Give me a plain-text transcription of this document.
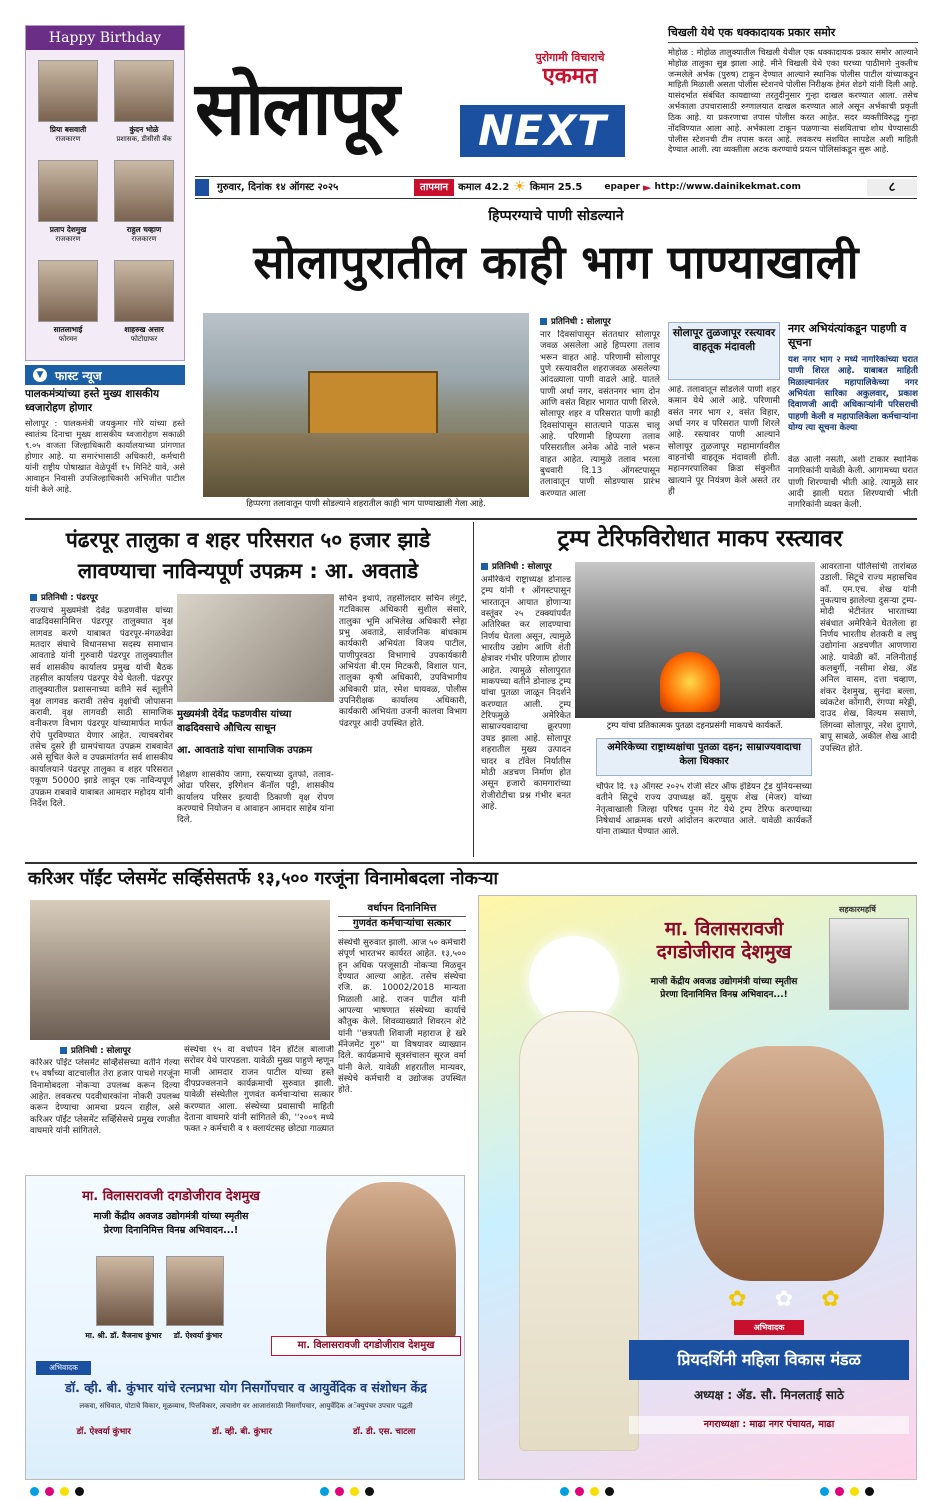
Happy Birthday
प्रिया बसवाती
राजकारण
कुंदन भोळे
प्रशासक, डीसीसी बँक
प्रताप देशमुख
राजकारण
राहुल चव्हाण
राजकारण
सातलाभाई
फोरमन
शाहरुख अत्तार
फोटोग्राफर
▼ फास्ट न्यूज
पालकमंत्र्यांच्या हस्ते मुख्य शासकीय ध्वजारोहण होणार
सोलापूर : पालकमंत्री जयकुमार गोरे यांच्या हस्ते स्वातंत्र्य दिनाचा मुख्य शासकीय ध्वजारोहण सकाळी ९.०५ वाजता जिल्हाधिकारी कार्यालयाच्या प्रांगणात होणार आहे. या समारंभासाठी अधिकारी, कर्मचारी यांनी राष्ट्रीय पोषाखात वेळेपूर्वी १५ मिनिटे यावे, असे आवाहन निवासी उपजिल्हाधिकारी अभिजीत पाटील यांनी केले आहे.
सोलापूर
पुरोगामी विचाराचे
एकमत
NEXT
चिखली येथे एक धक्कादायक प्रकार समोर
मोहोळ : मोहोळ तालुक्यातील चिखली येथील एक धक्कादायक प्रकार समोर आल्याने मोहोळ तालुका सुन्न झाला आहे. मीने चिखली येथे एका घरच्या पाठीमागे नुकतीच जन्मलेले अर्भक (पुरुष) टाकून देण्यात आल्याने स्थानिक पोलीस पाटील यांच्याकडून माहिती मिळाली असता पोलीस स्टेशनचे पोलीस निरीक्षक हेमंत शेडगे यांनी दिली आहे. यासंदर्भात संबंधित कायद्याच्या तरतुदीनुसार गुन्हा दाखल करण्यात आला. तसेच अर्भकाला उपचारासाठी रुग्णालयात दाखल करण्यात आले असून अर्भकाची प्रकृती ठिक आहे. या प्रकरणाचा तपास पोलीस करत आहेत. सदर व्यक्तीविरुद्ध गुन्हा नोंदविण्यात आला आहे. अर्भकाला टाकून पळणाऱ्या संशयिताचा शोध घेण्यासाठी पोलीस स्टेशनची टीम तपास करत आहे. लवकरच संशयित सापडेल अशी माहिती देण्यात आली. त्या व्यक्तीला अटक करण्याचे प्रयत्न पोलिसांकडून सुरू आहे.
गुरुवार, दिनांक १४ ऑगस्ट २०२५	तापमान	कमाल 42.2 ☀ किमान 25.5	epaper ► http://www.dainikekmat.com	८
हिप्परग्याचे पाणी सोडल्याने
सोलापुरातील काही भाग पाण्याखाली
हिप्परगा तलावातून पाणी सोडल्याने शहरातील काही भाग पाण्याखाली गेला आहे.
प्रतिनिधी : सोलापूर
नार दिवसांपासून संततधार सोलापूर जवळ असलेला आहे हिप्परगा तलाव भरून वाहत आहे. परिणामी सोलापूर पुणे रस्त्यावरील शहराजवळ असलेल्या आंदळ्याला पाणी वाढले आहे. यातले पाणी अर्धा नगर, वसंतनगर भाग दोन आणि वसंत विहार भागात पाणी शिरले. सोलापूर शहर व परिसरात पाणी काही दिवसांपासून सातत्याने पाऊस चालू आहे. परिणामी हिप्परगा तलाव परिसरातील अनेक ओढे नाले भरून वाहत आहेत. त्यामुळे तलाव भरला बुधवारी दि.13 ऑगस्टपासून तलावातून पाणी सोडण्यास प्रारंभ करण्यात आला
सोलापूर तुळजापूर रस्त्यावर वाहतूक मंदावली
आहे. तलावातून सोडलेले पाणी शहर कमान येथे आले आहे. परिणामी वसंत नगर भाग २, वसंत विहार, अर्धा नगर व परिसरात पाणी शिरले आहे. रस्त्यावर पाणी आल्याने सोलापूर तुळजापूर महामार्गावरील वाहनांची वाहतूक मंदावली होती. महानगरपालिका क्रिडा संकुलीत खात्याने पूर नियंत्रण केले असते तर ही
नगर अभियंत्यांकडून पाहणी व सूचना
यश नगर भाग २ मध्ये नागरिकांच्या घरात पाणी शिरत आहे. याबाबत माहिती मिळाल्यानंतर महापालिकेच्या नगर अभियंता सारिका अकुलवार, प्रकाश दिवाणजी आदी अधिकाऱ्यांनी परिसराची पाहणी केली व महापालिकेला कर्मचाऱ्यांना योग्य त्या सूचना केल्या
वेळ आली नसती, अशी टाकार स्थानिक नागरिकांनी यावेळी केली. आगामच्या घरात पाणी शिरण्याची भीती आहे. त्यामुळे सार आदी झाली घरात शिरण्याची भीती नागरिकांनी व्यक्त केली.
पंढरपूर तालुका व शहर परिसरात ५० हजार झाडे
लावण्याचा नाविन्यपूर्ण उपक्रम : आ. अवताडे
प्रतिनिधी : पंढरपूर
राज्याचे मुख्यमंत्री देवेंद्र फडणवीस यांच्या वाढदिवसानिमित्त पंढरपूर तालुक्यात वृक्ष लागवड करणे याबाबत पंढरपूर-मंगळवेढा मतदार संघाचे विधानसभा सदस्य समाधान आवताडे यांनी गुरुवारी पंढरपूर तालुक्यातील सर्व शासकीय कार्यालय प्रमुख यांची बैठक तहसील कार्यालय पंढरपूर येथे घेतली. पंढरपूर तालुक्यातील प्रशासनाच्या वतीने सर्व स्तूलीने वृक्ष लागवड करावी तसेच वृक्षांची जोपासना करावी. वृक्ष लागवडी साठी सामाजिक वनीकरण विभाग पंढरपूर यांच्यामार्फत मार्फत रोपे पुरविण्यात येणार आहेत. त्याचबरोबर तसेच दुसरे ही ग्रामपंचायत उपक्रम राबवावेत असे सूचित केले व उपक्रमांतर्गत सर्व शासकीय कार्यालयाने पंढरपूर तालुका व शहर परिसरात एकूण 50000 झाडे लावून एक नाविन्यपूर्ण उपक्रम राबवावे याबाबत आमदार महोदय यांनी निर्देश दिले.
सचिन इथापे, तहसीलदार सचिन लंगुटे, गटविकास अधिकारी सुशील संसारे, तालुका भूमि अभिलेख अधिकारी स्नेहा प्रभु अवताडे, सार्वजनिक बांधकाम कार्यकारी अभियंता विजय पाटील, पाणीपुरवठा विभागाचे उपकार्यकारी अभियंता बी.एम मिटकरी, विशाल पान, तालुका कृषी अधिकारी, उपविभागीय अधिकारी प्रांत, रमेश घायवळ, पोलीस उपनिरीक्षक कार्यालय अधिकारी, कार्यकारी अभियंता उजनी कालवा विभाग पंढरपूर आदी उपस्थित होते.
मुख्यमंत्री देवेंद्र फडणवीस यांच्या वाढदिवसाचे औचित्य साधून
आ. आवताडे यांचा सामाजिक उपक्रम
शिक्षण शासकीय जागा, रस्त्याच्या दुतर्फा, तलाव-ओढा परिसर, इरिगेशन कॅनॉल पट्टी, शासकीय कार्यालय परिसर इत्यादी ठिकाणी वृक्ष रोपण करण्याचे नियोजन व आवाहन आमदार साहेब यांना दिले.
ट्रम्प टेरिफविरोधात माकप रस्त्यावर
प्रतिनिधी : सोलापूर
अमेरिकेचे राष्ट्राध्यक्ष डोनाल्ड ट्रम्प यांनी १ ऑगस्टपासून भारतातून आयात होणाऱ्या वस्तूंवर २५ टक्क्यांपर्यंत अतिरिक्त कर लादण्याचा निर्णय घेतला असून, त्यामुळे भारतीय उद्योग आणि शेती क्षेत्रावर गंभीर परिणाम होणार आहेत. त्यामुळे सोलापुरात माकपच्या वतीने डोनाल्ड ट्रम्प यांचा पुतळा जाळून निदर्शने करण्यात आली. ट्रम्प टेरिफमुळे अमेरिकेत साम्राज्यवादाचा क्रूरपणा उघड झाला आहे. सोलापूर शहरातील मुख्य उत्पादन चादर व टॉवेल निर्यातीस मोठी अडचण निर्माण होत असून हजारो कामगारांच्या रोजीरोटीचा प्रश्न गंभीर बनत आहे.
ट्रम्प यांचा प्रतिकात्मक पुतळा दहनप्रसंगी माकपचे कार्यकर्ते.
आवरताना पोलिसांची तारांबळ उडाली. सिटूचे राज्य महासचिव कॉ. एम.एच. शेख यांनी नुकत्याच झालेल्या दुसऱ्या ट्रम्प-मोदी भेटीनंतर भारताच्या संबंधात अमेरिकेने घेतलेला हा निर्णय भारतीय शेतकरी व लघु उद्योगांना अडचणीत आणणारा आहे. यावेळी कॉ. नलिनीताई कलबुर्गी, नसीमा शेख, ॲड अनिल वासम, दत्ता चव्हाण, शंकर देशमुख, सुनंदा बल्ला, व्यंकटेश कोंगारी, रंगप्पा मरेड्डी, दाउद शेख, विल्यम ससाणे, लिंगव्वा सोलापूर, नरेश दुगाणे, बापू साबळे, अकील शेख आदी उपस्थित होते.
अमेरिकेच्या राष्ट्राध्यक्षांचा पुतळा दहन; साम्राज्यवादाचा केला धिक्कार
चौफेर दि. १३ ऑगस्ट २०२५ रोजी सेंटर ऑफ इंडियन ट्रेड युनियन्सच्या वतीने सिटूचे राज्य उपाध्यक्ष कॉ. युसूफ शेख (मेजर) यांच्या नेतृत्वाखाली जिल्हा परिषद पूनम गेट येथे ट्रम्प टेरिफ करण्याच्या निषेधार्थ आक्रमक धरणे आंदोलन करण्यात आले. यावेळी कार्यकर्ते यांना ताब्यात घेण्यात आले.
करिअर पॉईंट प्लेसमेंट सर्व्हिसेसतर्फे १३,५०० गरजूंना विनामोबदला नोकऱ्या
प्रतिनिधी : सोलापूर
करिअर पॉईंट प्लेसमेंट सर्व्हिसेसच्या वतीने गेल्या १५ वर्षांच्या वाटचालीत तेरा हजार पाचशे गरजूंना विनामोबदला नोकऱ्या उपलब्ध करून दिल्या आहेत. लवकरच पदवीधारकांना नोकरी उपलब्ध करून देण्याचा आमचा प्रयत्न राहील, असे करिअर पॉईंट प्लेसमेंट सर्व्हिसेसचे प्रमुख रणजीत वाघमारे यांनी सांगितले.
संस्थेचा १५ वा वर्धापन दिन हॉटेल बालाजी सरोवर येथे पारपडला. यावेळी मुख्य पाहुणे म्हणून माजी आमदार राजन पाटील यांच्या हस्ते दीपप्रज्वलनाने कार्यक्रमाची सुरुवात झाली. यावेळी संस्थेतील गुणवंत कर्मचाऱ्यांचा सत्कार करण्यात आला. संस्थेच्या प्रवासाची माहिती देताना वाघमारे यांनी सांगितले की, ''२००९ मध्ये फक्त २ कर्मचारी व १ क्लायंटसह छोट्या गाळ्यात
वर्धापन दिनानिमित्त
गुणवंत कर्मचाऱ्यांचा सत्कार
संस्थेची सुरुवात झाली. आज ५० कर्मचारी संपूर्ण भारतभर कार्यरत आहेत. १३,५०० हून अधिक परजूसाठी नोकऱ्या मिळवून देण्यात आल्या आहेत. तसेच संस्थेचा रजि. क्र. 10002/2018 मान्यता मिळाली आहे. राजन पाटील यांनी आपल्या भाषणात संस्थेच्या कार्याचे कौतुक केले. शिवव्याख्याते शिवरत्न शेटे यांनी ''छत्रपती शिवाजी महाराज हे खरे मॅनेजमेंट गुरु'' या विषयावर व्याख्यान दिले. कार्यक्रमाचे सूत्रसंचालन सूरज वर्मा यांनी केले. यावेळी शहरातील मान्यवर, संस्थेचे कर्मचारी व उद्योजक उपस्थित होते.
मा. विलासरावजी
दगडोजीराव देशमुख
माजी केंद्रीय अवजड उद्योगमंत्री यांच्या स्मृतीस
प्रेरणा दिनानिमित्त विनम्र अभिवादन...!
सहकारमहर्षि
✿ ✿ ✿
अभिवादक
प्रियदर्शिनी महिला विकास मंडळ
अध्यक्ष : ॲड. सौ. मिनलताई साठे
नगराध्यक्षा : माढा नगर पंचायत, माढा
मा. विलासरावजी दगडोजीराव देशमुख
माजी केंद्रीय अवजड उद्योगमंत्री यांच्या स्मृतीस
प्रेरणा दिनानिमित्त विनम्र अभिवादन...!
मा. श्री. डॉ. वैजनाथ कुंभार	डॉ. ऐश्वर्या कुंभार
मा. विलासरावजी दगडोजीराव देशमुख
अभिवादक
डॉ. व्ही. बी. कुंभार यांचे रत्नप्रभा योग निसर्गोपचार व आयुर्वेदिक व संशोधन केंद्र
लकवा, संधिवात, पोटाचे विकार, मूळव्याध, पित्तविकार, त्वचारोग वर आजारांसाठी निसर्गोपचार, आयुर्वेदिक अॅक्युपंचर उपचार पद्धती
डॉ. ऐश्वर्या कुंभार	डॉ. व्ही. बी. कुंभार	डॉ. डी. एस. चाटला
